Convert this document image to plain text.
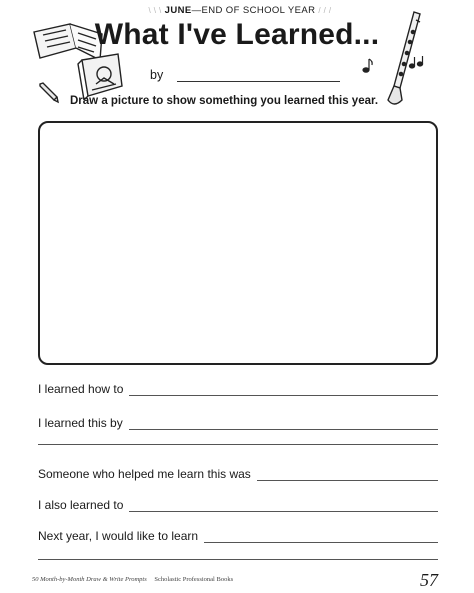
\ \ \ JUNE —END OF SCHOOL YEAR / / /
What I've Learned...
by
Draw a picture to show something you learned this year.
I learned how to
I learned this by
Someone who helped me learn this was
I also learned to
Next year, I would like to learn
50 Month-by-Month Draw & Write Prompts Scholastic Professional Books	57
